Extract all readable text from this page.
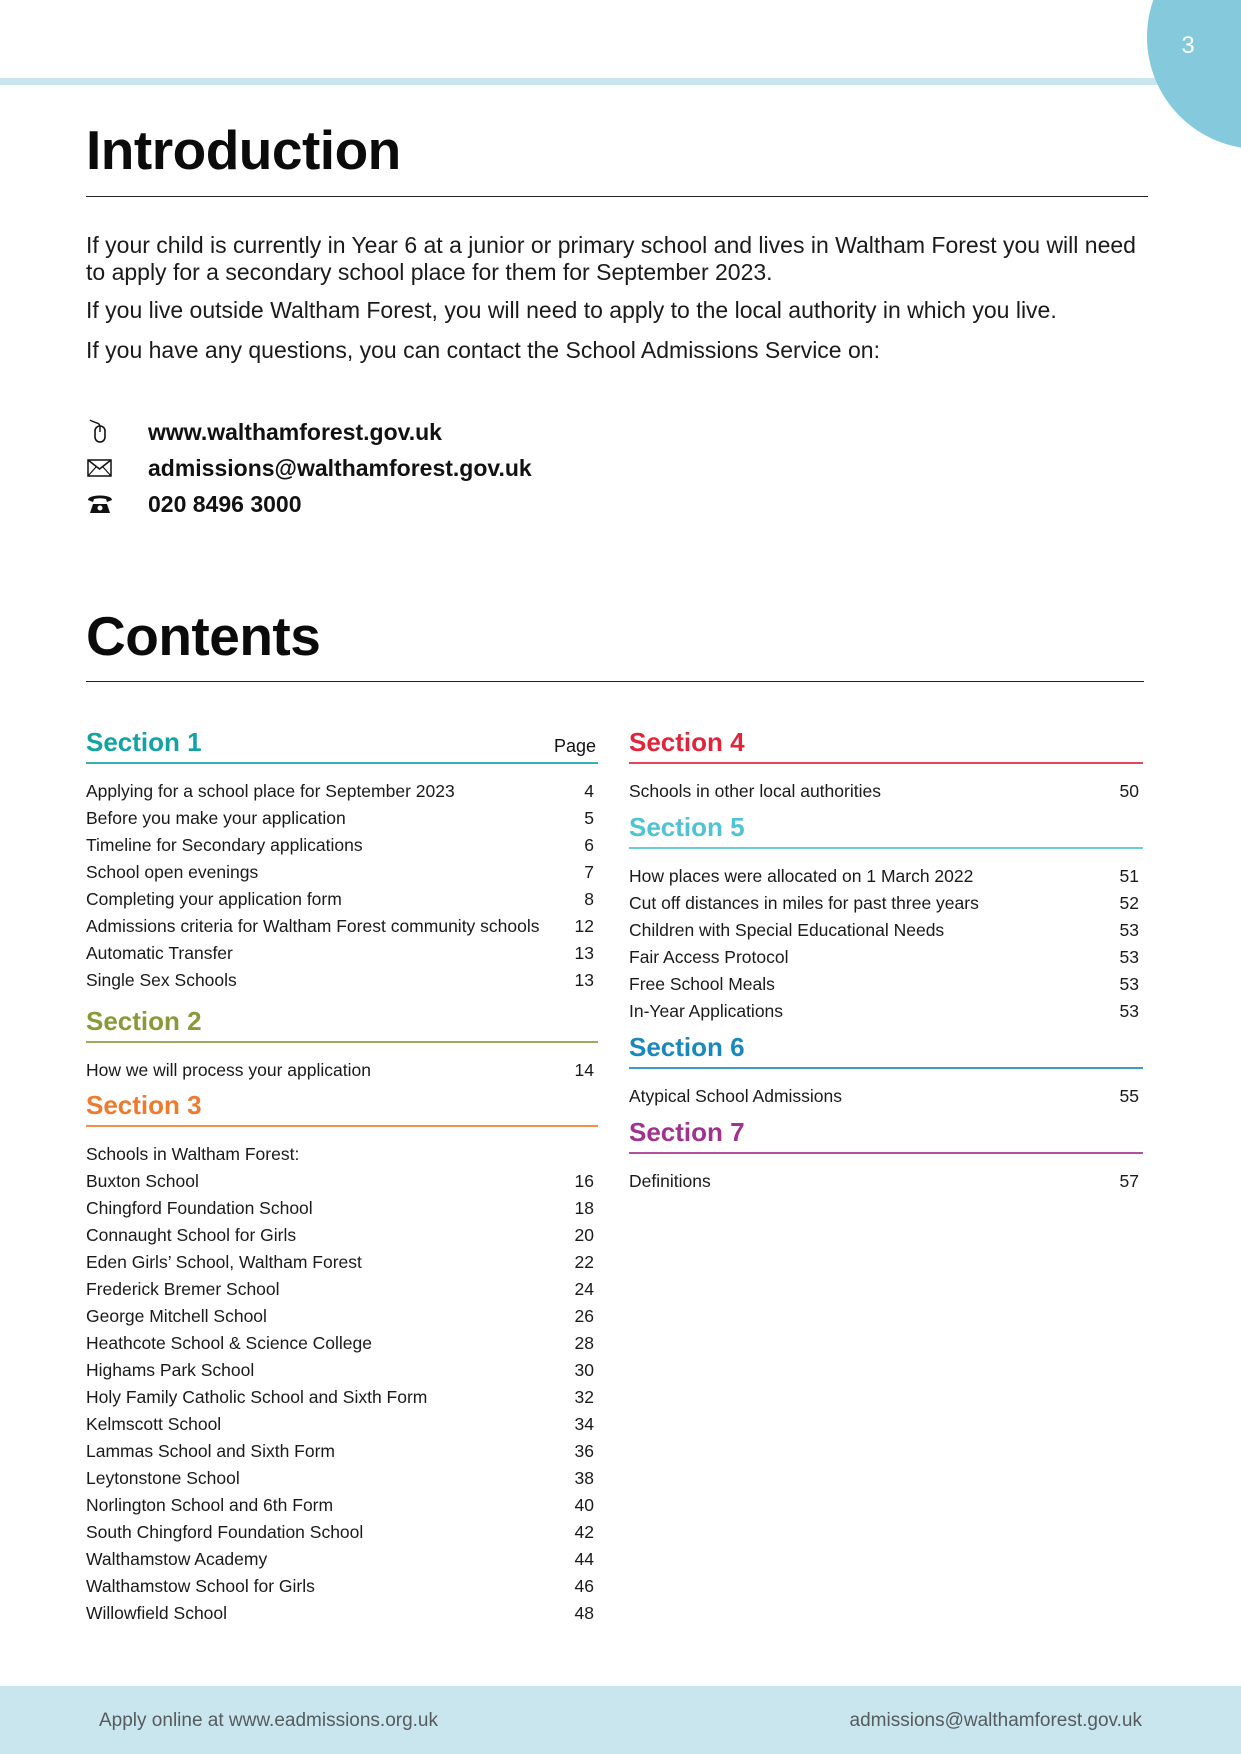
3
Introduction

If your child is currently in Year 6 at a junior or primary school and lives in Waltham Forest you will need to apply for a secondary school place for them for September 2023.

If you live outside Waltham Forest, you will need to apply to the local authority in which you live.

If you have any questions, you can contact the School Admissions Service on:

www.walthamforest.gov.uk
admissions@walthamforest.gov.uk
020 8496 3000
Contents
Page
Section 1
Applying for a school place for September 2023	4
Before you make your application	5
Timeline for Secondary applications	6
School open evenings	7
Completing your application form	8
Admissions criteria for Waltham Forest community schools 12
Automatic Transfer	13
Single Sex Schools	13
Section 2
How we will process your application	14
Section 3
Schools in Waltham Forest:
Buxton School	16
Chingford Foundation School	18
Connaught School for Girls	20
Eden Girls’ School, Waltham Forest	22
Frederick Bremer School	24
George Mitchell School	26
Heathcote School & Science College	28
Highams Park School	30
Holy Family Catholic School and Sixth Form	32
Kelmscott School	34
Lammas School and Sixth Form	36
Leytonstone School	38
Norlington School and 6th Form	40
South Chingford Foundation School	42
Walthamstow Academy	44
Walthamstow School for Girls	46
Willowfield School	48
Section 4
Schools in other local authorities	50
Section 5
How places were allocated on 1 March 2022	51
Cut off distances in miles for past three years	52
Children with Special Educational Needs	53
Fair Access Protocol	53
Free School Meals	53
In-Year Applications	53
Section 6
Atypical School Admissions	55
Section 7
Definitions	57
Apply online at www.eadmissions.org.uk	admissions@walthamforest.gov.uk
